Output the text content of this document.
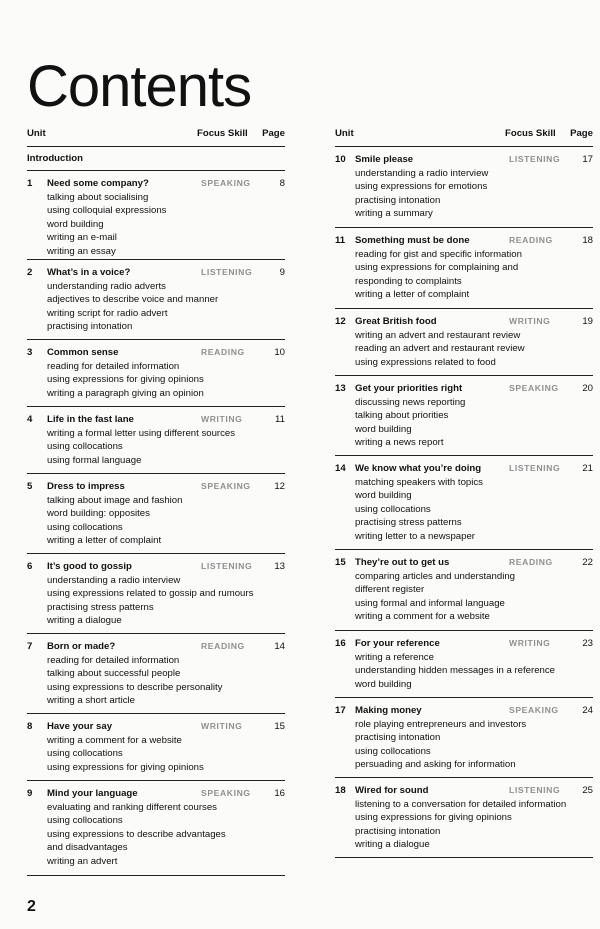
Contents
Unit	Focus Skill	Page
Introduction
1	Need some company?	SPEAKING	8
talking about socialising
using colloquial expressions
word building
writing an e-mail
writing an essay
2	What’s in a voice?	LISTENING	9
understanding radio adverts
adjectives to describe voice and manner
writing script for radio advert
practising intonation
3	Common sense	READING	10
reading for detailed information
using expressions for giving opinions
writing a paragraph giving an opinion
4	Life in the fast lane	WRITING	11
writing a formal letter using different sources
using collocations
using formal language
5	Dress to impress	SPEAKING	12
talking about image and fashion
word building: opposites
using collocations
writing a letter of complaint
6	It’s good to gossip	LISTENING	13
understanding a radio interview
using expressions related to gossip and rumours
practising stress patterns
writing a dialogue
7	Born or made?	READING	14
reading for detailed information
talking about successful people
using expressions to describe personality
writing a short article
8	Have your say	WRITING	15
writing a comment for a website
using collocations
using expressions for giving opinions
9	Mind your language	SPEAKING	16
evaluating and ranking different courses
using collocations
using expressions to describe advantages
and disadvantages
writing an advert
Unit	Focus Skill	Page
10 Smile please	LISTENING	17
understanding a radio interview
using expressions for emotions
practising intonation
writing a summary
11	Something must be done	READING	18
reading for gist and specific information
using expressions for complaining and
responding to complaints
writing a letter of complaint
12 Great British food	WRITING	19
writing an advert and restaurant review
reading an advert and restaurant review
using expressions related to food
13 Get your priorities right	SPEAKING	20
discussing news reporting
talking about priorities
word building
writing a news report
14 We know what you’re doing	LISTENING	21
matching speakers with topics
word building
using collocations
practising stress patterns
writing letter to a newspaper
15 They’re out to get us	READING	22
comparing articles and understanding
different register
using formal and informal language
writing a comment for a website
16 For your reference	WRITING	23
writing a reference
understanding hidden messages in a reference
word building
17 Making money	SPEAKING	24
role playing entrepreneurs and investors
practising intonation
using collocations
persuading and asking for information
18 Wired for sound	LISTENING	25
listening to a conversation for detailed information
using expressions for giving opinions
practising intonation
writing a dialogue
2
